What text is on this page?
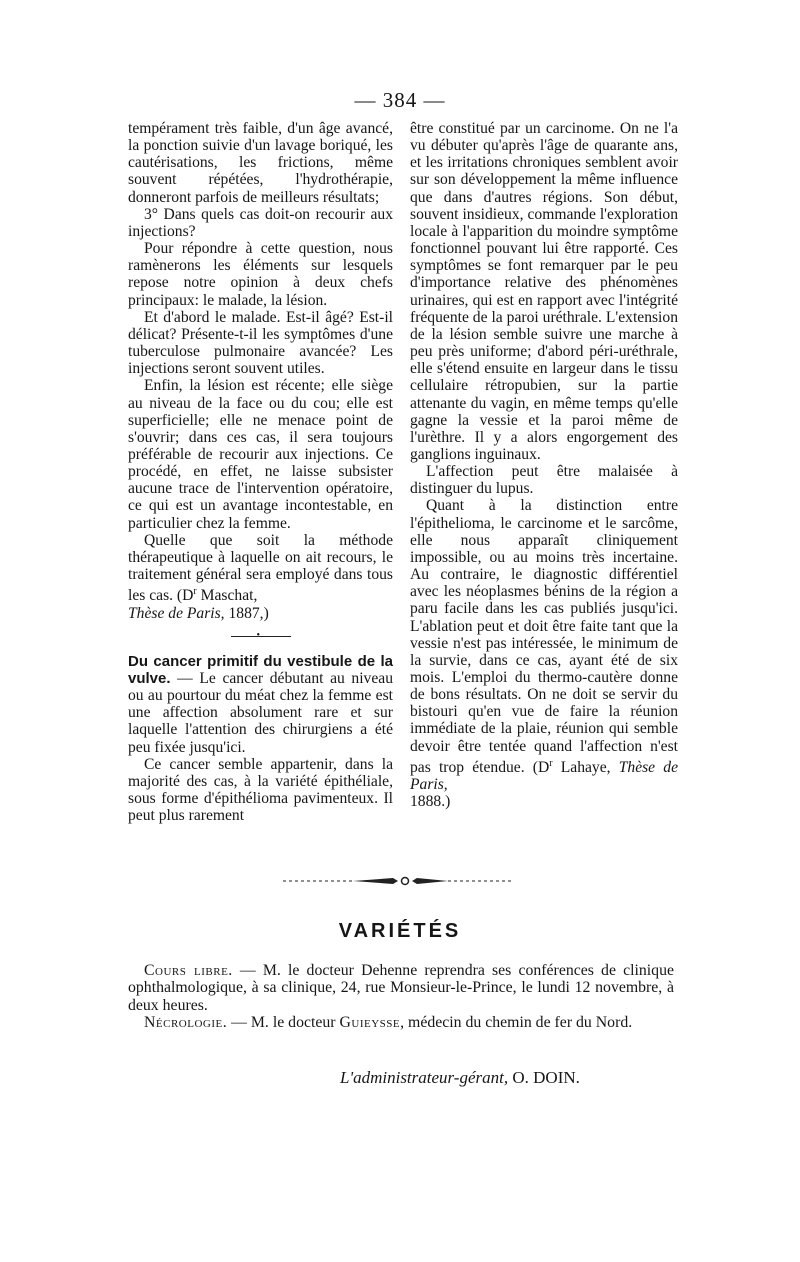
— 384 —

tempérament très faible, d'un âge avancé, la ponction suivie d'un lavage boriqué, les cautérisations, les frictions, même souvent répétées, l'hydrothérapie, donneront parfois de meilleurs résultats;

3° Dans quels cas doit-on recourir aux injections?

Pour répondre à cette question, nous ramènerons les éléments sur lesquels repose notre opinion à deux chefs principaux: le malade, la lésion.

Et d'abord le malade. Est-il âgé? Est-il délicat? Présente-t-il les symptômes d'une tuberculose pulmonaire avancée? Les injections seront souvent utiles.

Enfin, la lésion est récente; elle siège au niveau de la face ou du cou; elle est superficielle; elle ne menace point de s'ouvrir; dans ces cas, il sera toujours préférable de recourir aux injections. Ce procédé, en effet, ne laisse subsister aucune trace de l'intervention opératoire, ce qui est un avantage incontestable, en particulier chez la femme.

Quelle que soit la méthode thérapeutique à laquelle on ait recours, le traitement général sera employé dans tous les cas. ($D^r$ Maschat,
Thèse de Paris, 1887,)

•

Du cancer primitif du vestibule de la vulve. — Le cancer débutant au niveau ou au pourtour du méat chez la femme est une affection absolument rare et sur laquelle l'attention des chirurgiens a été peu fixée jusqu'ici.

Ce cancer semble appartenir, dans la majorité des cas, à la variété épithéliale, sous forme d'épithélioma pavimenteux. Il peut plus rarement

être constitué par un carcinome. On ne l'a vu débuter qu'après l'âge de quarante ans, et les irritations chroniques semblent avoir sur son développement la même influence que dans d'autres régions. Son début, souvent insidieux, commande l'exploration locale à l'apparition du moindre symptôme fonctionnel pouvant lui être rapporté. Ces symptômes se font remarquer par le peu d'importance relative des phénomènes urinaires, qui est en rapport avec l'intégrité fréquente de la paroi uréthrale. L'extension de la lésion semble suivre une marche à peu près uniforme; d'abord péri-uréthrale, elle s'étend ensuite en largeur dans le tissu cellulaire rétropubien, sur la partie attenante du vagin, en même temps qu'elle gagne la vessie et la paroi même de l'urèthre. Il y a alors engorgement des ganglions inguinaux.

L'affection peut être malaisée à distinguer du lupus.

Quant à la distinction entre l'épithelioma, le carcinome et le sarcôme, elle nous apparaît cliniquement impossible, ou au moins très incertaine. Au contraire, le diagnostic différentiel avec les néoplasmes bénins de la région a paru facile dans les cas publiés jusqu'ici. L'ablation peut et doit être faite tant que la vessie n'est pas intéressée, le minimum de la survie, dans ce cas, ayant été de six mois. L'emploi du thermo-cautère donne de bons résultats. On ne doit se servir du bistouri qu'en vue de faire la réunion immédiate de la plaie, réunion qui semble devoir être tentée quand l'affection n'est pas trop étendue. ($D^r$ Lahaye, Thèse de Paris,
1888.)

VARIÉTÉS
Cours libre. — M. le docteur Dehenne reprendra ses conférences de clinique ophthalmologique, à sa clinique, 24, rue Monsieur-le-Prince, le lundi 12 novembre, à deux heures.
Nécrologie. — M. le docteur Guieysse, médecin du chemin de fer du Nord.
L'administrateur-gérant, O. DOIN.
